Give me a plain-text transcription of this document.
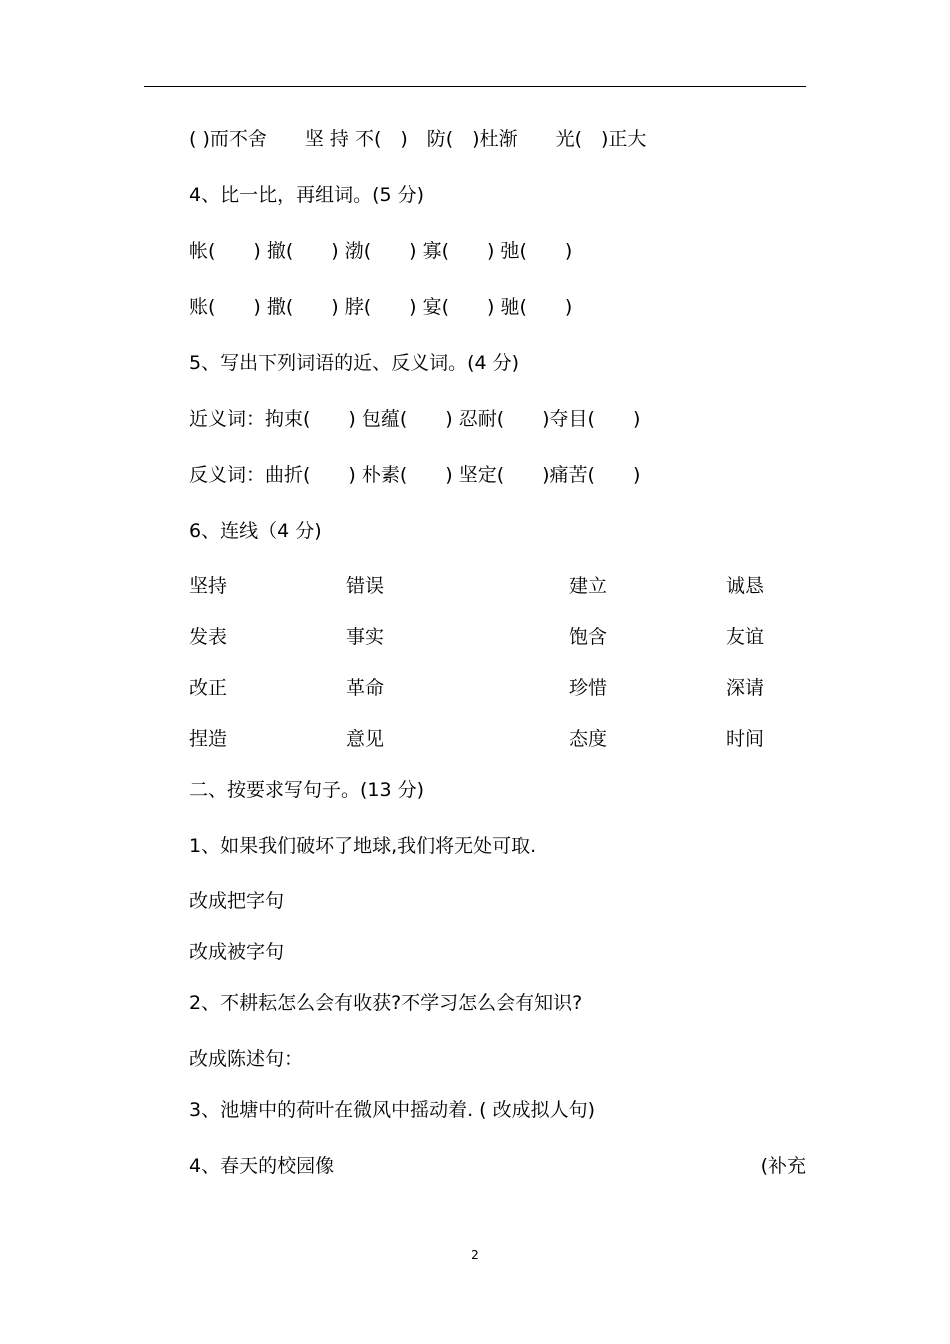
( )而不舍　　坚 持 不(　)　防(　)杜渐　　光(　)正大
4、比一比，再组词。(5 分)
帐(　　) 撤(　　) 渤(　　) 寡(　　) 弛(　　)
账(　　) 撒(　　) 脖(　　) 宴(　　) 驰(　　)
5、写出下列词语的近、反义词。(4 分)
近义词：拘束(　　) 包蕴(　　) 忍耐(　　)夺目(　　)
反义词：曲折(　　) 朴素(　　) 坚定(　　)痛苦(　　)
6、连线（4 分)
坚持	错误	建立	诚恳
发表	事实	饱含	友谊
改正	革命	珍惜	深请
捏造	意见	态度	时间
二、按要求写句子。(13 分)
1、如果我们破坏了地球,我们将无处可取.
改成把字句
改成被字句
2、不耕耘怎么会有收获?不学习怎么会有知识?
改成陈述句：
3、池塘中的荷叶在微风中摇动着. ( 改成拟人句)
4、春天的校园像	(补充
2
